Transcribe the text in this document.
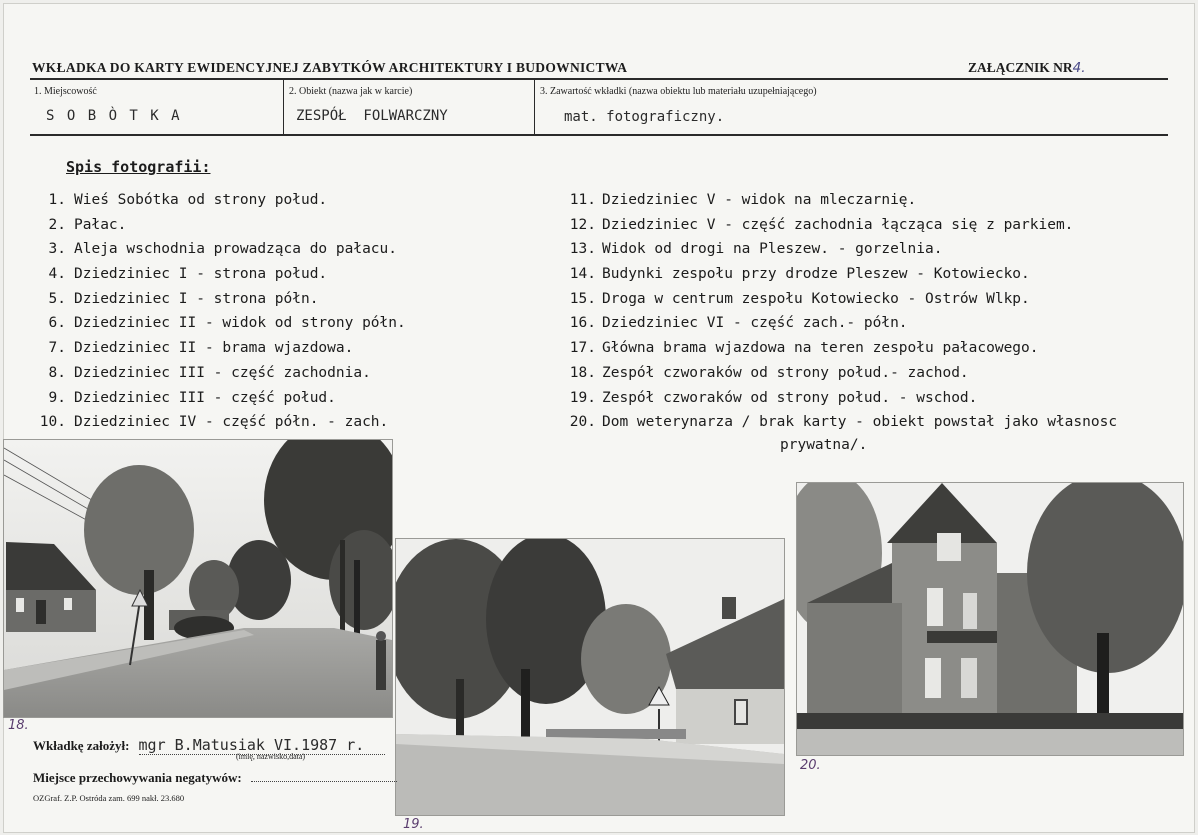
WKŁADKA DO KARTY EWIDENCYJNEJ ZABYTKÓW ARCHITEKTURY I BUDOWNICTWA	ZAŁĄCZNIK NR4.
1. Miejscowość
S O B Ò T K A
2. Obiekt (nazwa jak w karcie)
ZESPÓŁ  FOLWARCZNY
3. Zawartość wkładki (nazwa obiektu lub materiału uzupełniającego)
mat. fotograficzny.
Spis fotografii:
1. Wieś Sobótka od strony połud.
2. Pałac.
3. Aleja wschodnia prowadząca do pałacu.
4. Dziedziniec I - strona połud.
5. Dziedziniec I - strona półn.
6. Dziedziniec II - widok od strony półn.
7. Dziedziniec II - brama wjazdowa.
8. Dziedziniec III - część zachodnia.
9. Dziedziniec III - część połud.
10. Dziedziniec IV - część półn. - zach.
11. Dziedziniec V - widok na mleczarnię.
12. Dziedziniec V - część zachodnia łącząca się z parkiem.
13. Widok od drogi na Pleszew. - gorzelnia.
14. Budynki zespołu przy drodze Pleszew - Kotowiecko.
15. Droga w centrum zespołu Kotowiecko - Ostrów Wlkp.
16. Dziedziniec VI - część zach.- półn.
17. Główna brama wjazdowa na teren zespołu pałacowego.
18. Zespół czworaków od strony połud.- zachod.
19. Zespół czworaków od strony połud. - wschod.
20. Dom weterynarza / brak karty - obiekt powstał jako własnosc
prywatna/.
18.
19.
20.
Wkładkę założył: mgr B.Matusiak VI.1987 r.
(imię, nazwisko,data)
Miejsce przechowywania negatywów:
OZGraf. Z.P. Ostróda zam. 699 nakł. 23.680
